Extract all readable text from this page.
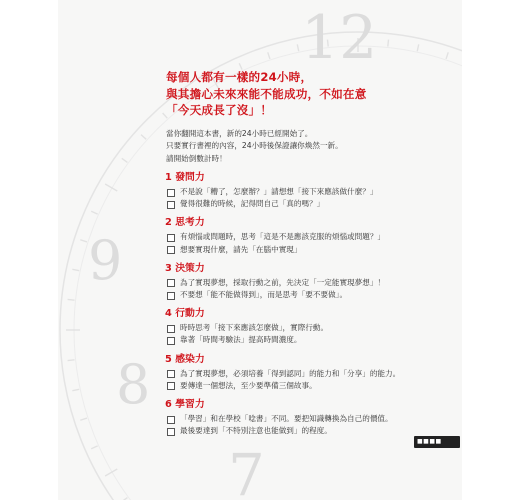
12
9
8
7
每個人都有一樣的24小時，
與其擔心未來來能不能成功，不如在意
「今天成長了沒」！

當你翻開這本書，新的24小時已經開始了。

只要實行書裡的內容，24小時後保證讓你煥然一新。

請開始倒數計時！

1 發問力
不是說「糟了，怎麼辦？」請想想「接下來應該做什麼？」
覺得很難的時候，記得問自己「真的嗎？」
2 思考力
有煩惱或問題時，思考「這是不是應該克服的煩惱或問題？」
想要實現什麼，請先「在腦中實現」
3 決策力
為了實現夢想，採取行動之前，先決定「一定能實現夢想」！
不要想「能不能做得到」，而是思考「要不要做」。
4 行動力
時時思考「接下來應該怎麼做」，實際行動。
靠著「時間考驗法」提高時間濃度。
5 感染力
為了實現夢想，必須培養「得到認同」的能力和「分享」的能力。
要傳達一個想法，至少要準備三個故事。
6 學習力
「學習」和在學校「唸書」不同。要把知識轉換為自己的價值。
最後要達到「不特別注意也能做到」的程度。
■■■■
